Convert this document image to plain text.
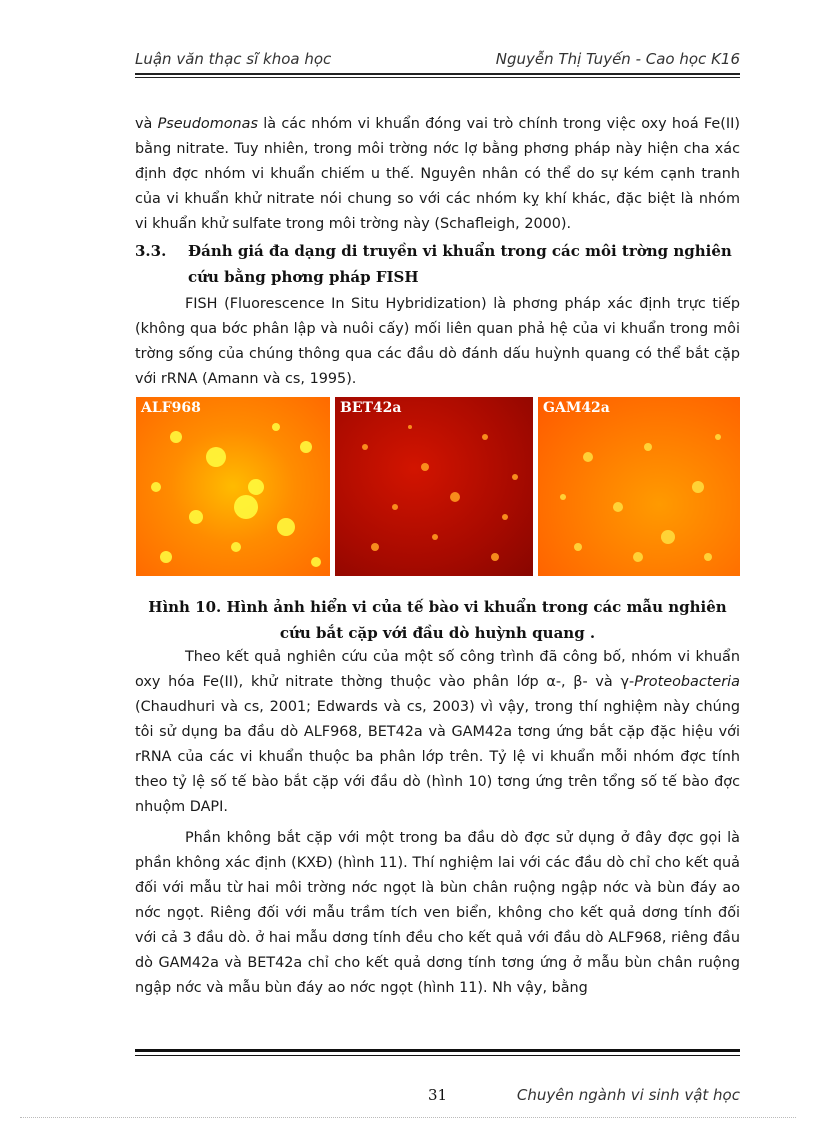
Luận văn thạc sĩ khoa học	Nguyễn Thị Tuyến - Cao học K16
và Pseudomonas là các nhóm vi khuẩn đóng vai trò chính trong việc oxy hoá Fe(II) bằng nitrate. Tuy nhiên, trong môi trờng nớc lợ bằng phơng pháp này hiện cha xác định đợc nhóm vi khuẩn chiếm u thế. Nguyên nhân có thể do sự kém cạnh tranh của vi khuẩn khử nitrate nói chung so với các nhóm kỵ khí khác, đặc biệt là nhóm vi khuẩn khử sulfate trong môi trờng này (Schafleigh, 2000).
3.3. Đánh giá đa dạng di truyền vi khuẩn trong các môi trờng nghiên cứu bằng phơng pháp FISH
FISH (Fluorescence In Situ Hybridization) là phơng pháp xác định trực tiếp (không qua bớc phân lập và nuôi cấy) mối liên quan phả hệ của vi khuẩn trong môi trờng sống của chúng thông qua các đầu dò đánh dấu huỳnh quang có thể bắt cặp với rRNA (Amann và cs, 1995).
ALF968	BET42a	GAM42a
Hình 10. Hình ảnh hiển vi của tế bào vi khuẩn trong các mẫu nghiên cứu bắt cặp với đầu dò huỳnh quang .
Theo kết quả nghiên cứu của một số công trình đã công bố, nhóm vi khuẩn oxy hóa Fe(II), khử nitrate thờng thuộc vào phân lớp α-, β- và γ-Proteobacteria (Chaudhuri và cs, 2001; Edwards và cs, 2003) vì vậy, trong thí nghiệm này chúng tôi sử dụng ba đầu dò ALF968, BET42a và GAM42a tơng ứng bắt cặp đặc hiệu với rRNA của các vi khuẩn thuộc ba phân lớp trên. Tỷ lệ vi khuẩn mỗi nhóm đợc tính theo tỷ lệ số tế bào bắt cặp với đầu dò (hình 10) tơng ứng trên tổng số tế bào đợc nhuộm DAPI.
Phần không bắt cặp với một trong ba đầu dò đợc sử dụng ở đây đợc gọi là phần không xác định (KXĐ) (hình 11). Thí nghiệm lai với các đầu dò chỉ cho kết quả đối với mẫu từ hai môi trờng nớc ngọt là bùn chân ruộng ngập nớc và bùn đáy ao nớc ngọt. Riêng đối với mẫu trầm tích ven biển, không cho kết quả dơng tính đối với cả 3 đầu dò. ở hai mẫu dơng tính đều cho kết quả với đầu dò ALF968, riêng đầu dò GAM42a và BET42a chỉ cho kết quả dơng tính tơng ứng ở mẫu bùn chân ruộng ngập nớc và mẫu bùn đáy ao nớc ngọt (hình 11). Nh vậy, bằng
31	Chuyên ngành vi sinh vật học
